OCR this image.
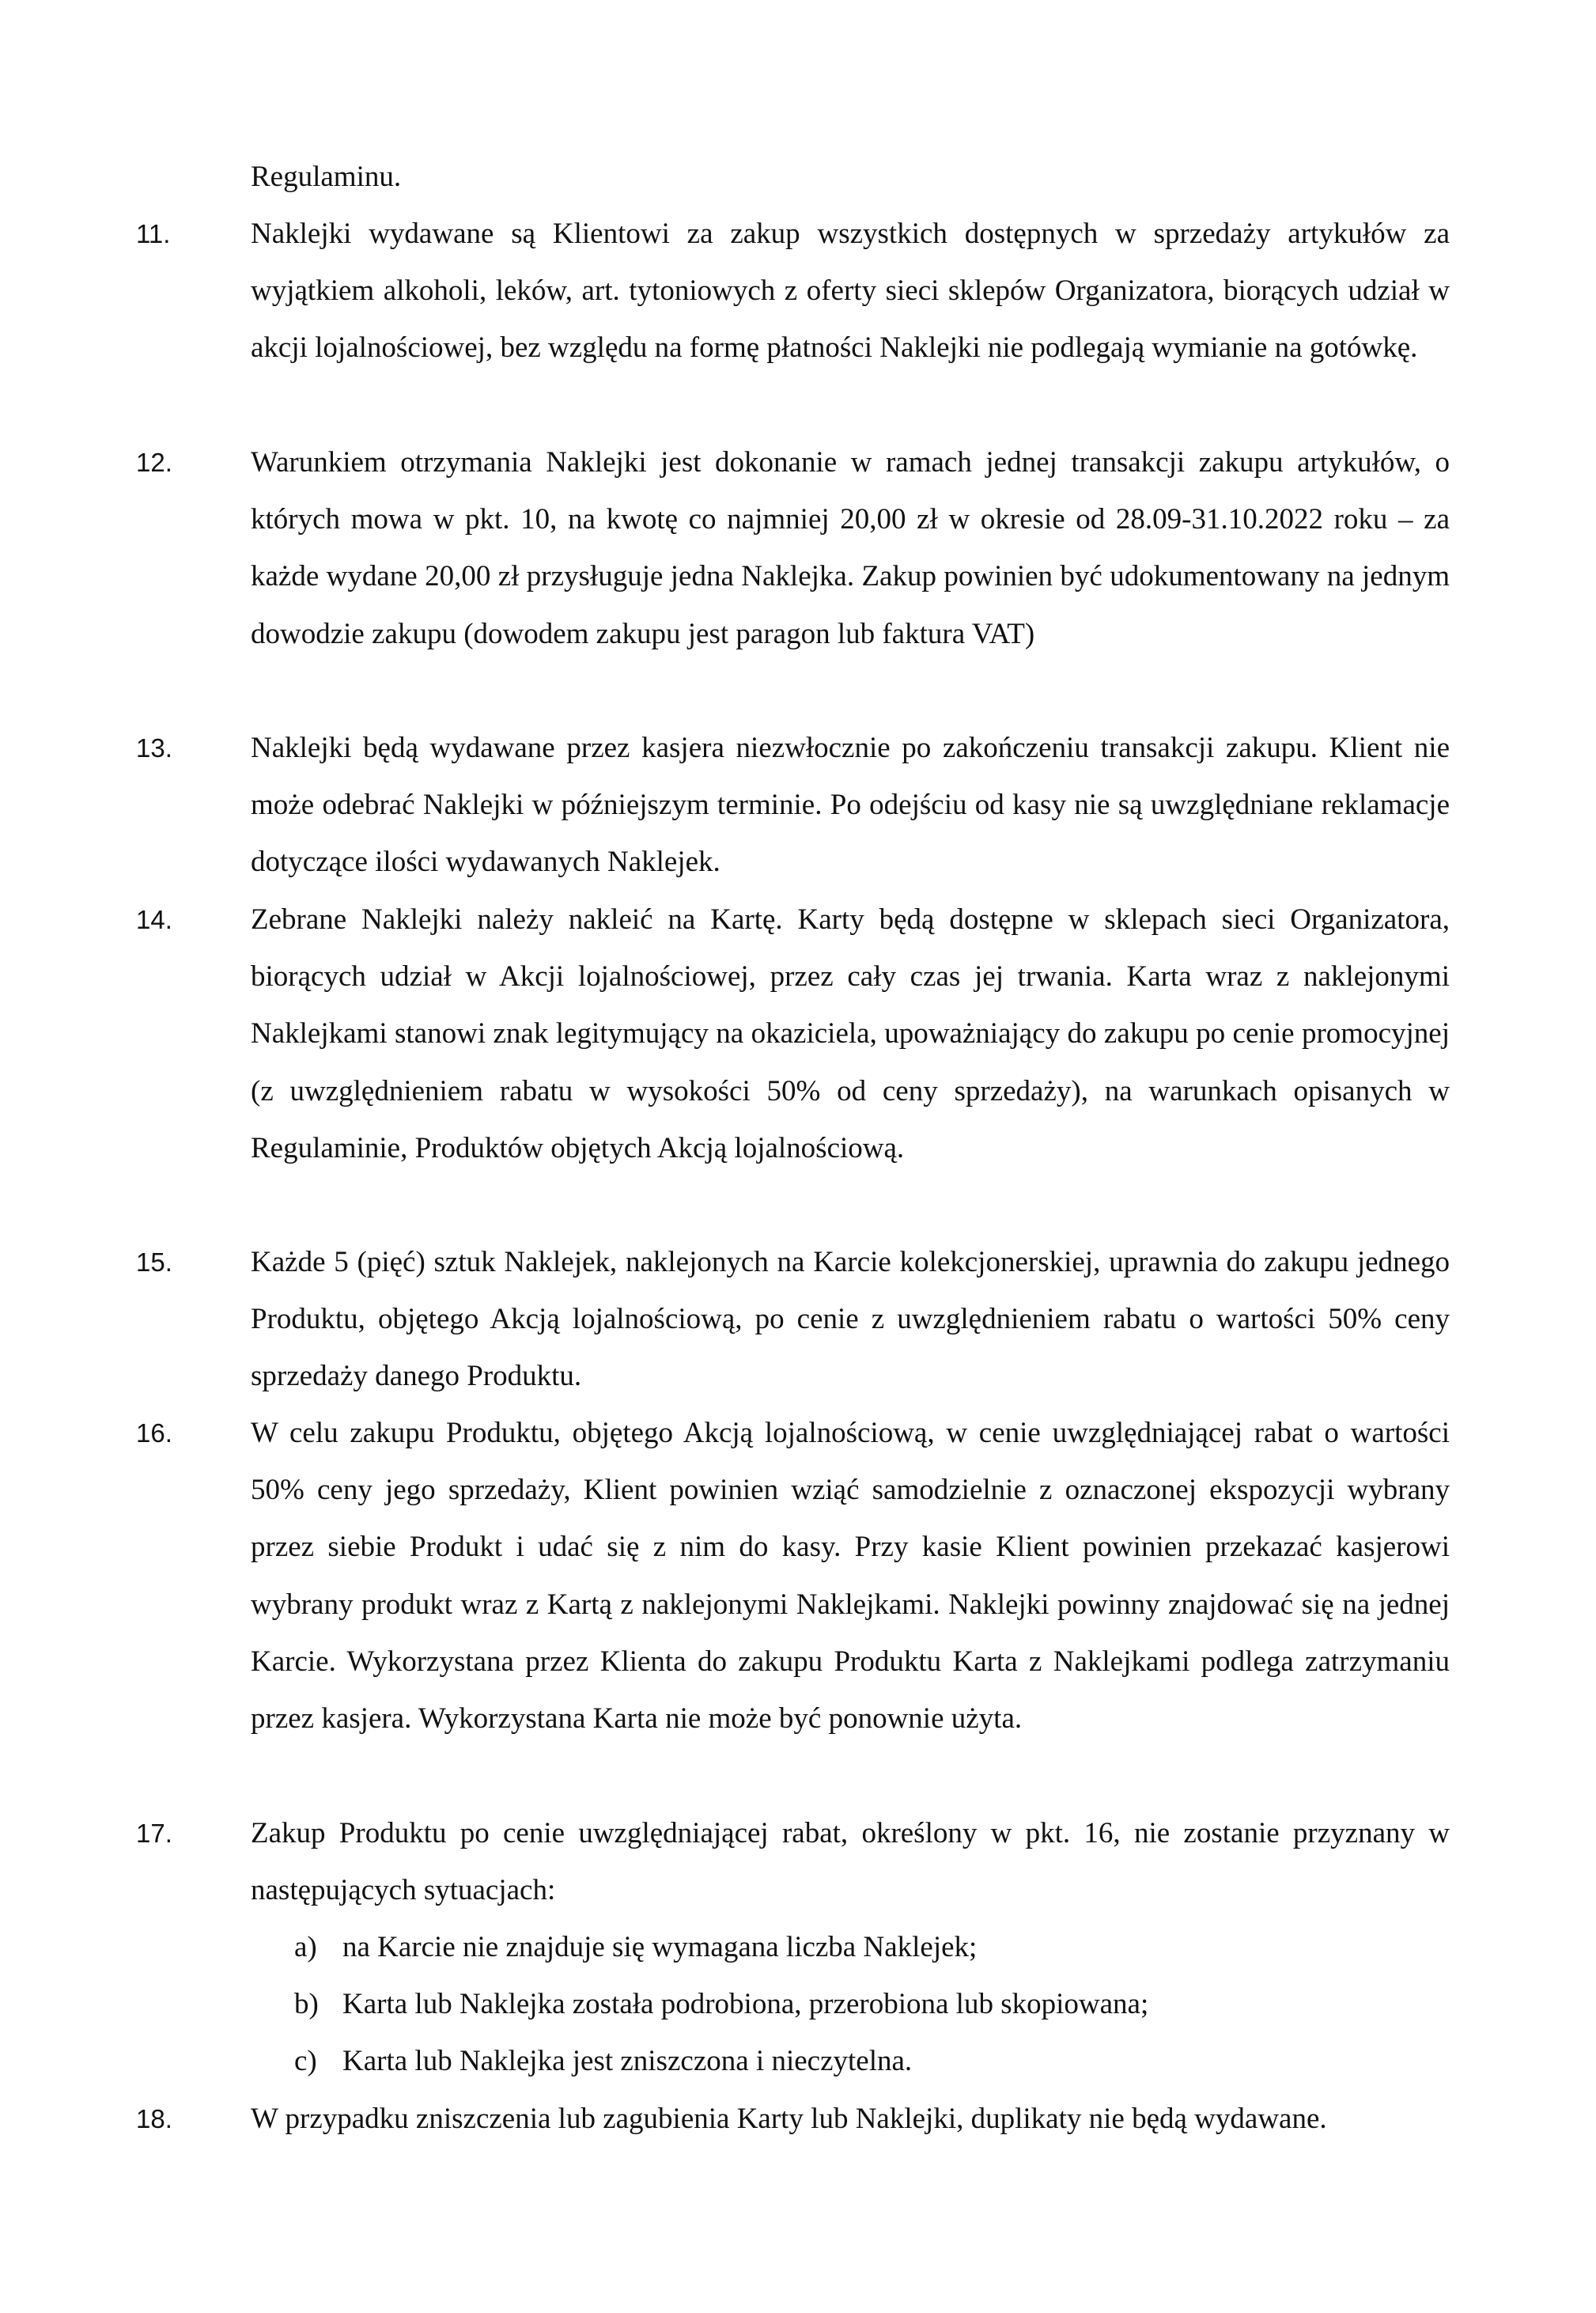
Regulaminu.
11.	Naklejki wydawane są Klientowi za zakup wszystkich dostępnych w sprzedaży artykułów za wyjątkiem alkoholi, leków, art. tytoniowych z oferty sieci sklepów Organizatora, biorących udział w akcji lojalnościowej, bez względu na formę płatności Naklejki nie podlegają wymianie na gotówkę.
12.	Warunkiem otrzymania Naklejki jest dokonanie w ramach jednej transakcji zakupu artykułów, o których mowa w pkt. 10, na kwotę co najmniej 20,00 zł w okresie od 28.09-31.10.2022 roku – za każde wydane 20,00 zł przysługuje jedna Naklejka. Zakup powinien być udokumentowany na jednym dowodzie zakupu (dowodem zakupu jest paragon lub faktura VAT)
13.	Naklejki będą wydawane przez kasjera niezwłocznie po zakończeniu transakcji zakupu. Klient nie może odebrać Naklejki w późniejszym terminie. Po odejściu od kasy nie są uwzględniane reklamacje dotyczące ilości wydawanych Naklejek.
14.	Zebrane Naklejki należy nakleić na Kartę. Karty będą dostępne w sklepach sieci Organizatora, biorących udział w Akcji lojalnościowej, przez cały czas jej trwania. Karta wraz z naklejonymi Naklejkami stanowi znak legitymujący na okaziciela, upoważniający do zakupu po cenie promocyjnej (z uwzględnieniem rabatu w wysokości 50% od ceny sprzedaży), na warunkach opisanych w Regulaminie, Produktów objętych Akcją lojalnościową.
15.	Każde 5 (pięć) sztuk Naklejek, naklejonych na Karcie kolekcjonerskiej, uprawnia do zakupu jednego Produktu, objętego Akcją lojalnościową, po cenie z uwzględnieniem rabatu o wartości 50% ceny sprzedaży danego Produktu.
16.	W celu zakupu Produktu, objętego Akcją lojalnościową, w cenie uwzględniającej rabat o wartości 50% ceny jego sprzedaży, Klient powinien wziąć samodzielnie z oznaczonej ekspozycji wybrany przez siebie Produkt i udać się z nim do kasy. Przy kasie Klient powinien przekazać kasjerowi wybrany produkt wraz z Kartą z naklejonymi Naklejkami. Naklejki powinny znajdować się na jednej Karcie. Wykorzystana przez Klienta do zakupu Produktu Karta z Naklejkami podlega zatrzymaniu przez kasjera. Wykorzystana Karta nie może być ponownie użyta.
17.	Zakup Produktu po cenie uwzględniającej rabat, określony w pkt. 16, nie zostanie przyznany w następujących sytuacjach:
a) na Karcie nie znajduje się wymagana liczba Naklejek;
b) Karta lub Naklejka została podrobiona, przerobiona lub skopiowana;
c) Karta lub Naklejka jest zniszczona i nieczytelna.
18.	W przypadku zniszczenia lub zagubienia Karty lub Naklejki, duplikaty nie będą wydawane.
